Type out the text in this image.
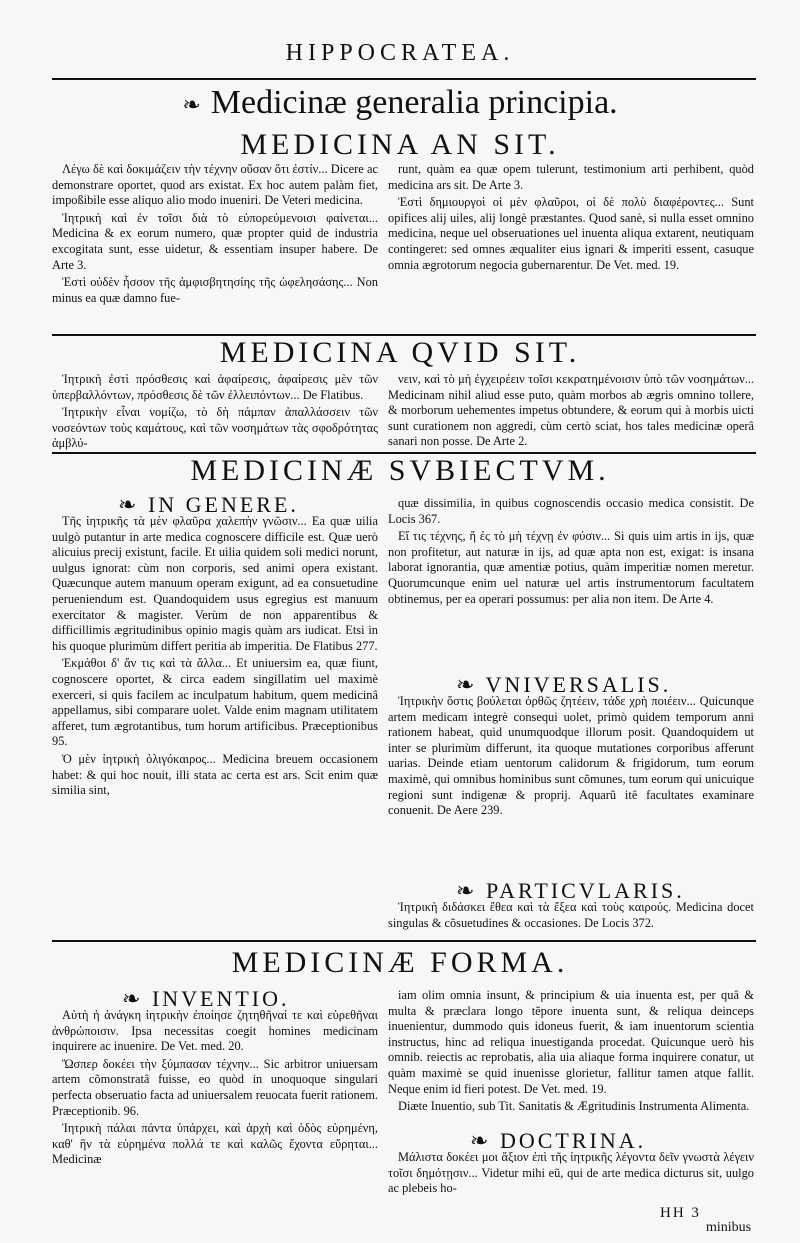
HIPPOCRATEA.
❧ Medicinæ generalia principia.
MEDICINA AN SIT.

Λέγω δὲ καὶ δοκιμάζειν τὴν τέχνην οὔσαν ὅτι ἐστίν... Dicere ac demonstrare oportet, quod ars existat. Ex hoc autem palàm fiet, impoßibile esse aliquo alio modo inueniri. De Veteri medicina.

Ἰητρικὴ καὶ ἐν τοῖσι διὰ τὸ εὐπορεύμενοισι φαίνεται... Medicina & ex eorum numero, quæ propter quid de industria excogitata sunt, esse uidetur, & essentiam insuper habere. De Arte 3.

Ἐστὶ οὐδὲν ἧσσον τῆς ἀμφισβητησίης τῆς ὠφελησάσης... Non minus ea quæ damno fue-

runt, quàm ea quæ opem tulerunt, testimonium arti perhibent, quòd medicina ars sit. De Arte 3.

Ἐστὶ δημιουργοὶ οἱ μὲν φλαῦροι, οἱ δὲ πολὺ διαφέροντες... Sunt opifices alij uiles, alij longè præstantes. Quod sanè, si nulla esset omnino medicina, neque uel obseruationes uel inuenta aliqua extarent, neutiquam contingeret: sed omnes æqualiter eius ignari & imperiti essent, casuque omnia ægrotorum negocia gubernarentur. De Vet. med. 19.

MEDICINA QVID SIT.

Ἰητρικὴ ἐστὶ πρόσθεσις καὶ ἀφαίρεσις, ἀφαίρεσις μὲν τῶν ὑπερβαλλόντων, πρόσθεσις δὲ τῶν ἐλλειπόντων... De Flatibus.

Ἰητρικὴν εἶναι νομίζω, τὸ δὴ πάμπαν ἀπαλλάσσειν τῶν νοσεόντων τοὺς καμάτους, καὶ τῶν νοσημάτων τὰς σφοδρότητας ἀμβλύ-

νειν, καὶ τὸ μὴ ἐγχειρέειν τοῖσι κεκρατημένοισιν ὑπὸ τῶν νοσημάτων... Medicinam nihil aliud esse puto, quàm morbos ab ægris omnino tollere, & morborum uehementes impetus obtundere, & eorum qui à morbis uicti sunt curationem non aggredi, cùm certò sciat, hos tales medicinæ operâ sanari non posse. De Arte 2.

MEDICINÆ SVBIECTVM.
❧ IN GENERE.

Τῆς ἰητρικῆς τὰ μὲν φλαῦρα χαλεπὴν γνῶσιν... Ea quæ uilia uulgò putantur in arte medica cognoscere difficile est. Quæ uerò alicuius precij existunt, facile. Et uilia quidem soli medici norunt, uulgus ignorat: cùm non corporis, sed animi opera existant. Quæcunque autem manuum operam exigunt, ad ea consuetudine perueniendum est. Quandoquidem usus egregius est manuum exercitator & magister. Verùm de non apparentibus & difficillimis ægritudinibus opinio magis quàm ars iudicat. Etsi in his quoque plurimùm differt peritia ab imperitia. De Flatibus 277.

Ἐκμάθοι δ' ἄν τις καὶ τὰ ἄλλα... Et uniuersim ea, quæ fiunt, cognoscere oportet, & circa eadem singillatim uel maximè exerceri, si quis facilem ac inculpatum habitum, quem medicinâ appellamus, sibi comparare uolet. Valde enim magnam utilitatem afferet, tum ægrotantibus, tum horum artificibus. Præceptionibus 95.

Ὁ μὲν ἰητρικὴ ὀλιγόκαιρος... Medicina breuem occasionem habet: & qui hoc nouit, illi stata ac certa est ars. Scit enim quæ similia sint,

quæ dissimilia, in quibus cognoscendis occasio medica consistit. De Locis 367.

Εἴ τις τέχνης, ἥ ἐς τὸ μὴ τέχνῃ ἐν φύσιν... Si quis uim artis in ijs, quæ non profitetur, aut naturæ in ijs, ad quæ apta non est, exigat: is insana laborat ignorantia, quæ amentiæ potius, quàm imperitiæ nomen meretur. Quorumcunque enim uel naturæ uel artis instrumentorum facultatem obtinemus, per ea operari possumus: per alia non item. De Arte 4.

❧ VNIVERSALIS.

Ἰητρικὴν ὅστις βούλεται ὀρθῶς ζητέειν, τάδε χρὴ ποιέειν... Quicunque artem medicam integrè consequi uolet, primò quidem temporum anni rationem habeat, quid unumquodque illorum posit. Quandoquidem ut inter se plurimùm differunt, ita quoque mutationes corporibus afferunt uarias. Deinde etiam uentorum calidorum & frigidorum, tum eorum maximè, qui omnibus hominibus sunt cõmunes, tum eorum qui unicuique regioni sunt indigenæ & proprij. Aquarû itê facultates examinare conuenit. De Aere 239.

❧ PARTICVLARIS.

Ἰητρικὴ διδάσκει ἔθεα καὶ τὰ ἔξεα καὶ τοὺς καιρούς. Medicina docet singulas & cõsuetudines & occasiones. De Locis 372.

MEDICINÆ FORMA.
❧ INVENTIO.

Αὐτὴ ἡ ἀνάγκη ἰητρικὴν ἐποίησε ζητηθῆναί τε καὶ εὑρεθῆναι ἀνθρώποισιν. Ipsa necessitas coegit homines medicinam inquirere ac inuenire. De Vet. med. 20.

Ὥσπερ δοκέει τὴν ξύμπασαν τέχνην... Sic arbitror uniuersam artem cõmonstratâ fuisse, eo quòd in unoquoque singulari perfecta obseruatio facta ad uniuersalem reuocata fuerit rationem. Præceptionib. 96.

Ἰητρικὴ πάλαι πάντα ὑπάρχει, καὶ ἀρχὴ καὶ ὁδὸς εὑρημένη, καθ' ἣν τὰ εὑρημένα πολλά τε καὶ καλῶς ἔχοντα εὕρηται... Medicinæ

iam olim omnia insunt, & principium & uia inuenta est, per quâ & multa & præclara longo tẽpore inuenta sunt, & reliqua deinceps inuenientur, dummodo quis idoneus fuerit, & iam inuentorum scientia instructus, hinc ad reliqua inuestiganda procedat. Quicunque uerò his omnib. reiectis ac reprobatis, alia uia aliaque forma inquirere conatur, ut quàm maximè se quid inuenisse glorietur, fallitur tamen atque fallit. Neque enim id fieri potest. De Vet. med. 19.

Diæte Inuentio, sub Tit. Sanitatis & Ægritudinis Instrumenta Alimenta.

❧ DOCTRINA.

Μάλιστα δοκέει μοι ἄξιον ἐπὶ τῆς ἰητρικῆς λέγοντα δεῖν γνωστὰ λέγειν τοῖσι δημότῃσιν... Videtur mihi eũ, qui de arte medica dicturus sit, uulgo ac plebeis ho-

HH 3
minibus
